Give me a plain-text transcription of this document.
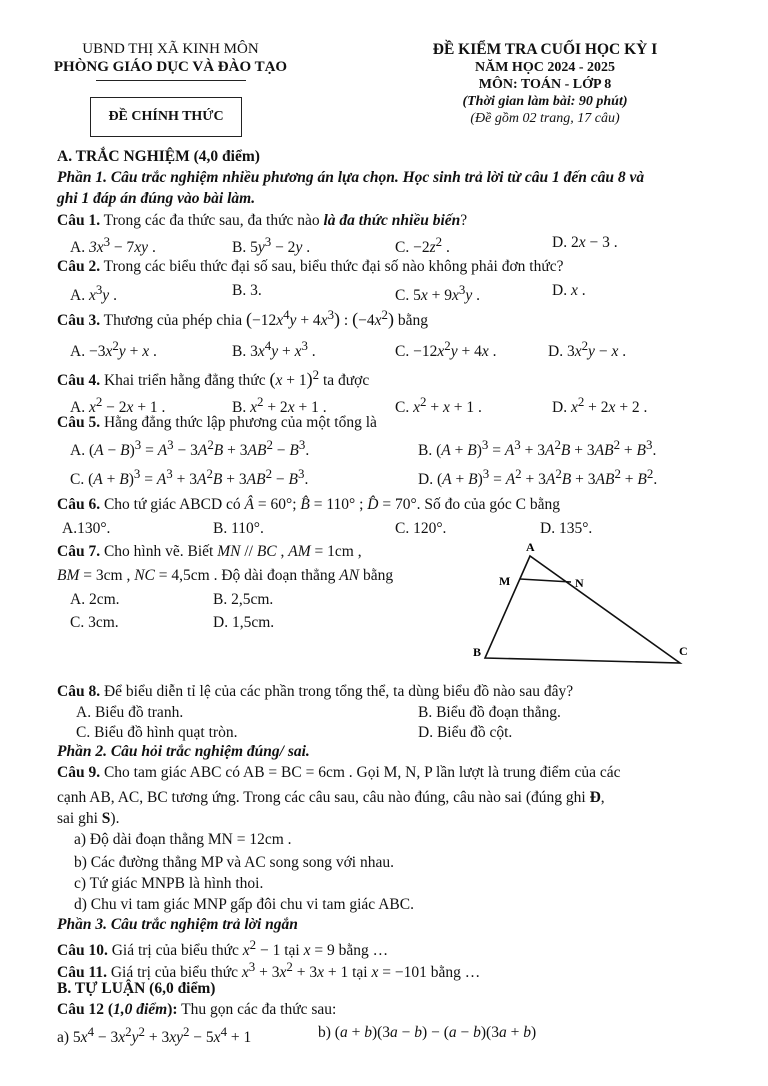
UBND THỊ XÃ KINH MÔN
PHÒNG GIÁO DỤC VÀ ĐÀO TẠO
ĐỀ CHÍNH THỨC
ĐỀ KIỂM TRA CUỐI HỌC KỲ I
NĂM HỌC 2024 - 2025
MÔN: TOÁN - LỚP 8
(Thời gian làm bài: 90 phút)
(Đề gồm 02 trang, 17 câu)
A. TRẮC NGHIỆM (4,0 điểm)
Phần 1. Câu trắc nghiệm nhiều phương án lựa chọn. Học sinh trả lời từ câu 1 đến câu 8 và
ghi 1 đáp án đúng vào bài làm.
Câu 1. Trong các đa thức sau, đa thức nào là đa thức nhiều biến?
A. $3x^3 - 7xy$ .	B. $5y^3 - 2y$ .	C. $-2z^2$ .	D. 2x − 3 .
Câu 2. Trong các biểu thức đại số sau, biểu thức đại số nào không phải đơn thức?
A. $x^3y$ .	B. 3.	C. $5x + 9x^3y$ .	D. x .
Câu 3. Thương của phép chia $(-12x^4y + 4x^3)$ : $(-4x^2)$ bằng
A. $-3x^2y + x$ .	B. $3x^4y + x^3$ .	C. $-12x^2y + 4x$ .	D. $3x^2y - x$ .
Câu 4. Khai triển hằng đẳng thức $(x + 1)^2$ ta được
A. $x^2 - 2x + 1$ .	B. $x^2 + 2x + 1$ .	C. $x^2 + x + 1$ .	D. $x^2 + 2x + 2$ .
Câu 5. Hằng đẳng thức lập phương của một tổng là
A. $(A - B)^3 = A^3 - 3A^2B + 3AB^2 - B^3$.	B. $(A + B)^3 = A^3 + 3A^2B + 3AB^2 + B^3$.
C. $(A + B)^3 = A^3 + 3A^2B + 3AB^2 - B^3$.	D. $(A + B)^3 = A^2 + 3A^2B + 3AB^2 + B^2$.
Câu 6. Cho tứ giác ABCD có Â = 60°; B̂ = 110° ; D̂ = 70°. Số đo của góc C bằng
A.130°.	B. 110°.	C. 120°.	D. 135°.
Câu 7. Cho hình vẽ. Biết MN // BC , AM = 1cm ,
BM = 3cm , NC = 4,5cm . Độ dài đoạn thẳng AN bằng
A. 2cm.	B. 2,5cm.
C. 3cm.	D. 1,5cm.
A
M	N
B	C
Câu 8. Để biểu diễn tỉ lệ của các phần trong tổng thể, ta dùng biểu đồ nào sau đây?
A. Biểu đồ tranh.	B. Biểu đồ đoạn thẳng.
C. Biểu đồ hình quạt tròn.	D. Biểu đồ cột.
Phần 2. Câu hỏi trắc nghiệm đúng/ sai.
Câu 9. Cho tam giác ABC có AB = BC = 6cm . Gọi M, N, P lần lượt là trung điểm của các
cạnh AB, AC, BC tương ứng. Trong các câu sau, câu nào đúng, câu nào sai (đúng ghi Đ,
sai ghi S).
a) Độ dài đoạn thẳng MN = 12cm .
b) Các đường thẳng MP và AC song song với nhau.
c) Tứ giác MNPB là hình thoi.
d) Chu vi tam giác MNP gấp đôi chu vi tam giác ABC.
Phần 3. Câu trắc nghiệm trả lời ngắn
Câu 10. Giá trị của biểu thức $x^2 - 1$ tại x = 9 bằng …
Câu 11. Giá trị của biểu thức $x^3 + 3x^2 + 3x + 1$ tại x = −101 bằng …
B. TỰ LUẬN (6,0 điểm)
Câu 12 (1,0 điểm): Thu gọn các đa thức sau:
a) $5x^4 - 3x^2y^2 + 3xy^2 - 5x^4 + 1$	b) (a + b)(3a − b) − (a − b)(3a + b)
